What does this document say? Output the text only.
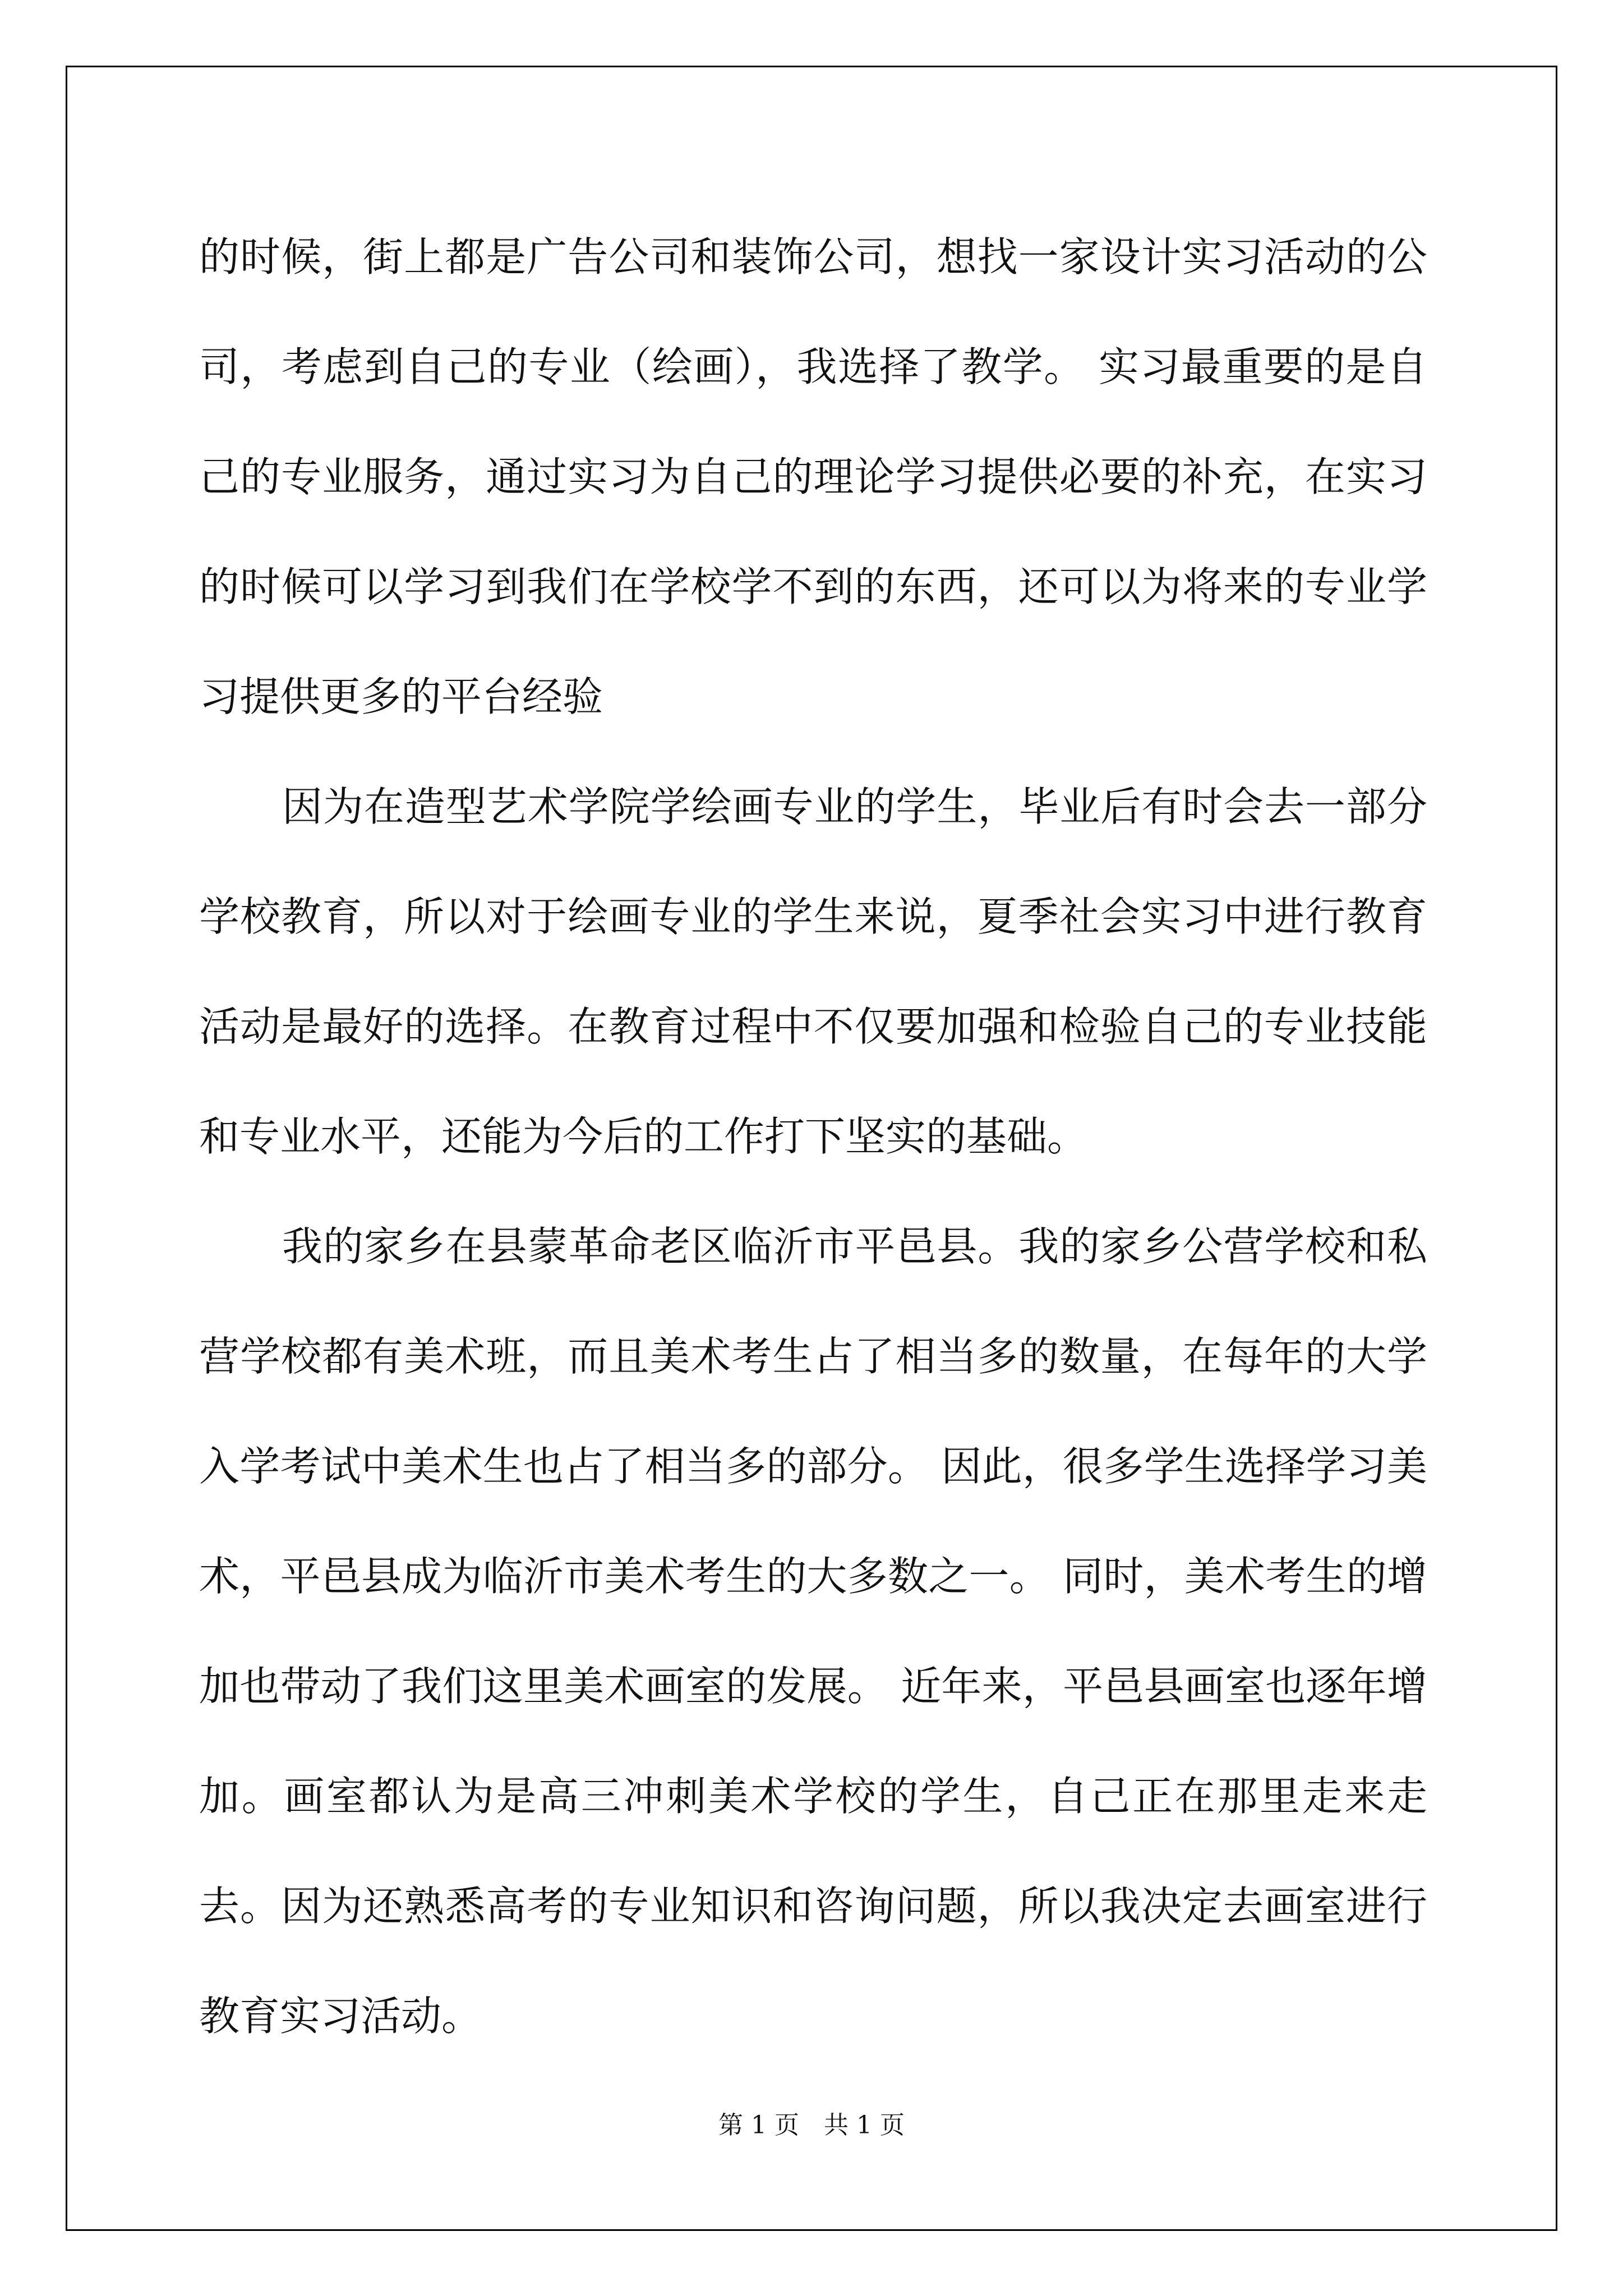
的时候，街上都是广告公司和装饰公司，想找一家设计实习活动的公司，考虑到自己的专业（绘画），我选择了教学。 实习最重要的是自己的专业服务，通过实习为自己的理论学习提供必要的补充，在实习的时候可以学习到我们在学校学不到的东西，还可以为将来的专业学习提供更多的平台经验

因为在造型艺术学院学绘画专业的学生，毕业后有时会去一部分学校教育，所以对于绘画专业的学生来说，夏季社会实习中进行教育活动是最好的选择。在教育过程中不仅要加强和检验自己的专业技能和专业水平，还能为今后的工作打下坚实的基础。

我的家乡在县蒙革命老区临沂市平邑县。我的家乡公营学校和私营学校都有美术班，而且美术考生占了相当多的数量，在每年的大学入学考试中美术生也占了相当多的部分。 因此，很多学生选择学习美术，平邑县成为临沂市美术考生的大多数之一。 同时，美术考生的增加也带动了我们这里美术画室的发展。 近年来，平邑县画室也逐年增加。画室都认为是高三冲刺美术学校的学生，自己正在那里走来走去。因为还熟悉高考的专业知识和咨询问题，所以我决定去画室进行教育实习活动。

第 1 页　共 1 页
